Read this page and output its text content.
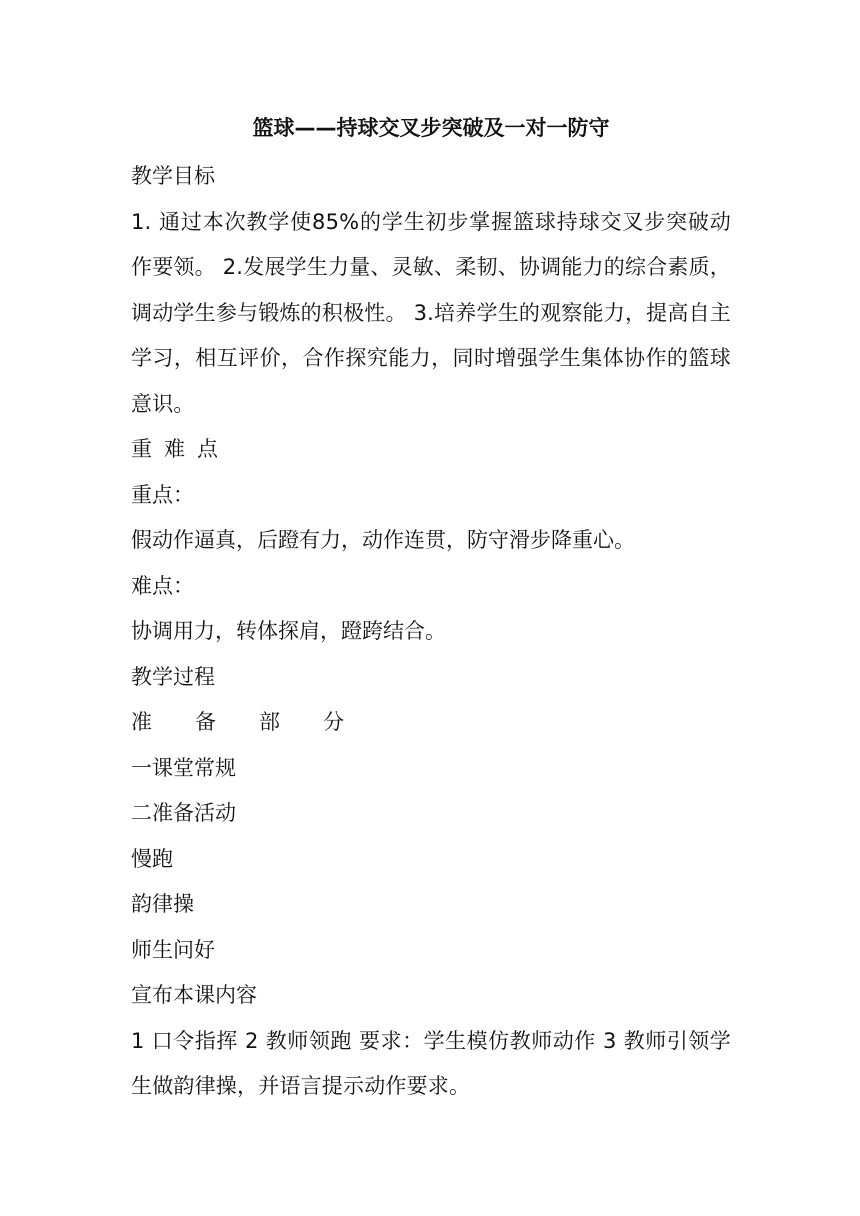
篮球——持球交叉步突破及一对一防守
教学目标
1. 通过本次教学使85%的学生初步掌握篮球持球交叉步突破动作要领。 2.发展学生力量、灵敏、柔韧、协调能力的综合素质，调动学生参与锻炼的积极性。 3.培养学生的观察能力，提高自主学习，相互评价，合作探究能力，同时增强学生集体协作的篮球意识。
重难点
重点：
假动作逼真，后蹬有力，动作连贯，防守滑步降重心。
难点：
协调用力，转体探肩，蹬跨结合。
教学过程
准备部分
一课堂常规
二准备活动
慢跑
韵律操
师生问好
宣布本课内容
1 口令指挥 2 教师领跑 要求：学生模仿教师动作 3 教师引领学生做韵律操，并语言提示动作要求。
